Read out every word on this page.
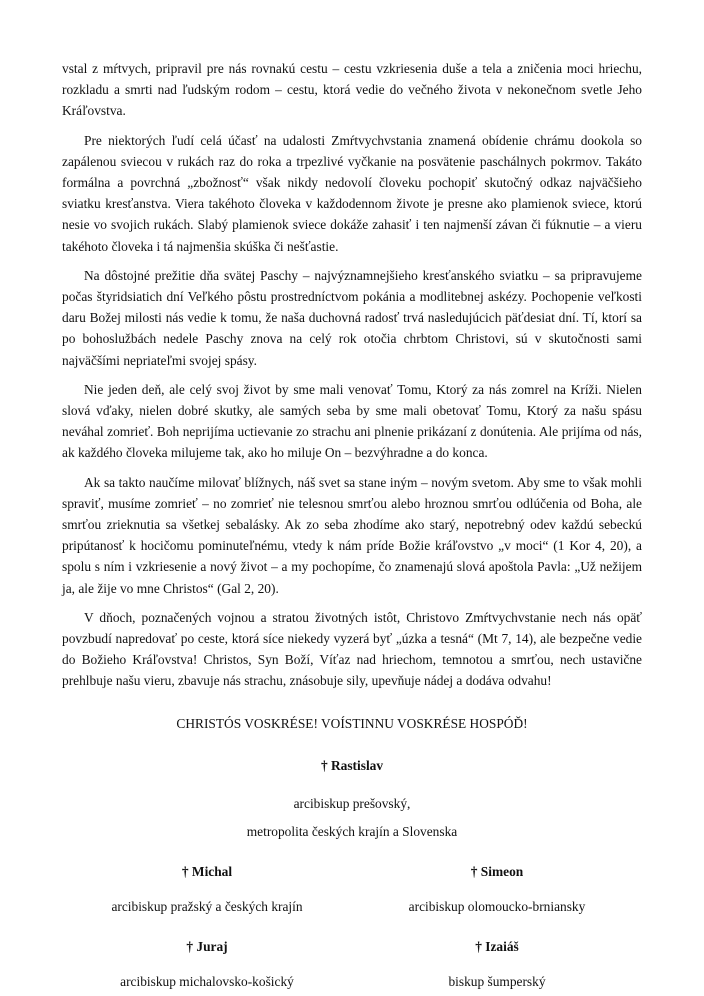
vstal z mŕtvych, pripravil pre nás rovnakú cestu – cestu vzkriesenia duše a tela a zničenia moci hriechu, rozkladu a smrti nad ľudským rodom – cestu, ktorá vedie do večného života v nekonečnom svetle Jeho Kráľovstva.

Pre niektorých ľudí celá účasť na udalosti Zmŕtvychvstania znamená obídenie chrámu dookola so zapálenou sviecou v rukách raz do roka a trpezlivé vyčkanie na posvätenie paschálnych pokrmov. Takáto formálna a povrchná „zbožnosť“ však nikdy nedovolí človeku pochopiť skutočný odkaz najväčšieho sviatku kresťanstva. Viera takéhoto človeka v každodennom živote je presne ako plamienok sviece, ktorú nesie vo svojich rukách. Slabý plamienok sviece dokáže zahasiť i ten najmenší závan či fúknutie – a vieru takéhoto človeka i tá najmenšia skúška či nešťastie.

Na dôstojné prežitie dňa svätej Paschy – najvýznamnejšieho kresťanského sviatku – sa pripravujeme počas štyridsiatich dní Veľkého pôstu prostredníctvom pokánia a modlitebnej askézy. Pochopenie veľkosti daru Božej milosti nás vedie k tomu, že naša duchovná radosť trvá nasledujúcich päťdesiat dní. Tí, ktorí sa po bohoslužbách nedele Paschy znova na celý rok otočia chrbtom Christovi, sú v skutočnosti sami najväčšími nepriateľmi svojej spásy.

Nie jeden deň, ale celý svoj život by sme mali venovať Tomu, Ktorý za nás zomrel na Kríži. Nielen slová vďaky, nielen dobré skutky, ale samých seba by sme mali obetovať Tomu, Ktorý za našu spásu neváhal zomrieť. Boh neprijíma uctievanie zo strachu ani plnenie prikázaní z donútenia. Ale prijíma od nás, ak každého človeka milujeme tak, ako ho miluje On – bezvýhradne a do konca.

Ak sa takto naučíme milovať blížnych, náš svet sa stane iným – novým svetom. Aby sme to však mohli spraviť, musíme zomrieť – no zomrieť nie telesnou smrťou alebo hroznou smrťou odlúčenia od Boha, ale smrťou zrieknutia sa všetkej sebalásky. Ak zo seba zhodíme ako starý, nepotrebný odev každú sebeckú pripútanosť k hocičomu pominuteľnému, vtedy k nám príde Božie kráľovstvo „v moci“ (1 Kor 4, 20), a spolu s ním i vzkriesenie a nový život – a my pochopíme, čo znamenajú slová apoštola Pavla: „Už nežijem ja, ale žije vo mne Christos“ (Gal 2, 20).

V dňoch, poznačených vojnou a stratou životných istôt, Christovo Zmŕtvychvstanie nech nás opäť povzbudí napredovať po ceste, ktorá síce niekedy vyzerá byť „úzka a tesná“ (Mt 7, 14), ale bezpečne vedie do Božieho Kráľovstva! Christos, Syn Boží, Víťaz nad hriechom, temnotou a smrťou, nech ustavične prehlbuje našu vieru, zbavuje nás strachu, znásobuje sily, upevňuje nádej a dodáva odvahu!

CHRISTÓS VOSKRÉSE! VOÍSTINNU VOSKRÉSE HOSPÓĎ!
† Rastislav
arcibiskup prešovský,
metropolita českých krajín a Slovenska
† Michal
arcibiskup pražský a českých krajín
† Simeon
arcibiskup olomoucko-brniansky
† Juraj
arcibiskup michalovsko-košický
† Izaiáš
biskup šumperský
